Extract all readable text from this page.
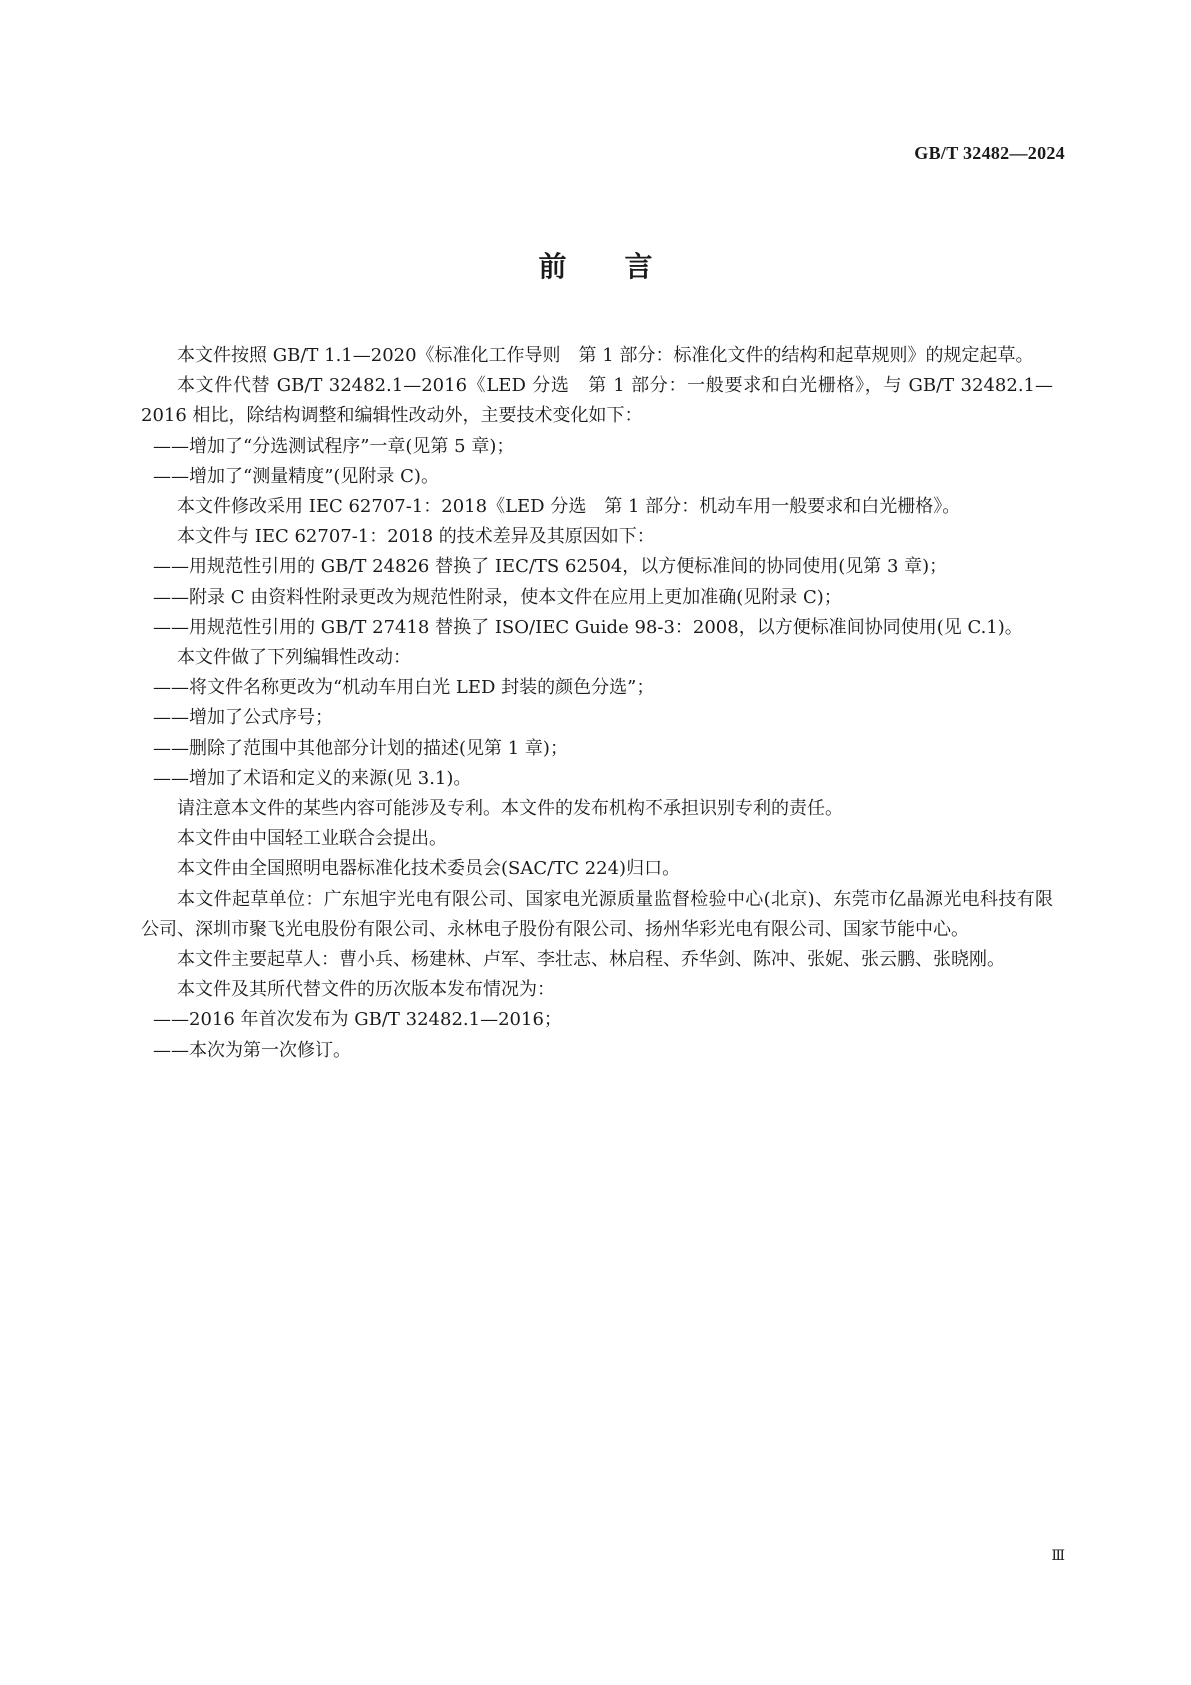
GB/T 32482—2024
前言

本文件按照 GB/T 1.1—2020《标准化工作导则　第 1 部分：标准化文件的结构和起草规则》的规定起草。

本文件代替 GB/T 32482.1—2016《LED 分选　第 1 部分：一般要求和白光栅格》，与 GB/T 32482.1—2016 相比，除结构调整和编辑性改动外，主要技术变化如下：

——增加了“分选测试程序”一章(见第 5 章)；

——增加了“测量精度”(见附录 C)。

本文件修改采用 IEC 62707-1：2018《LED 分选　第 1 部分：机动车用一般要求和白光栅格》。

本文件与 IEC 62707-1：2018 的技术差异及其原因如下：

——用规范性引用的 GB/T 24826 替换了 IEC/TS 62504，以方便标准间的协同使用(见第 3 章)；

——附录 C 由资料性附录更改为规范性附录，使本文件在应用上更加准确(见附录 C)；

——用规范性引用的 GB/T 27418 替换了 ISO/IEC Guide 98-3：2008，以方便标准间协同使用(见 C.1)。

本文件做了下列编辑性改动：

——将文件名称更改为“机动车用白光 LED 封装的颜色分选”；

——增加了公式序号；

——删除了范围中其他部分计划的描述(见第 1 章)；

——增加了术语和定义的来源(见 3.1)。

请注意本文件的某些内容可能涉及专利。本文件的发布机构不承担识别专利的责任。

本文件由中国轻工业联合会提出。

本文件由全国照明电器标准化技术委员会(SAC/TC 224)归口。

本文件起草单位：广东旭宇光电有限公司、国家电光源质量监督检验中心(北京)、东莞市亿晶源光电科技有限公司、深圳市聚飞光电股份有限公司、永林电子股份有限公司、扬州华彩光电有限公司、国家节能中心。

本文件主要起草人：曹小兵、杨建林、卢军、李壮志、林启程、乔华剑、陈冲、张妮、张云鹏、张晓刚。

本文件及其所代替文件的历次版本发布情况为：

——2016 年首次发布为 GB/T 32482.1—2016；

——本次为第一次修订。

Ⅲ
